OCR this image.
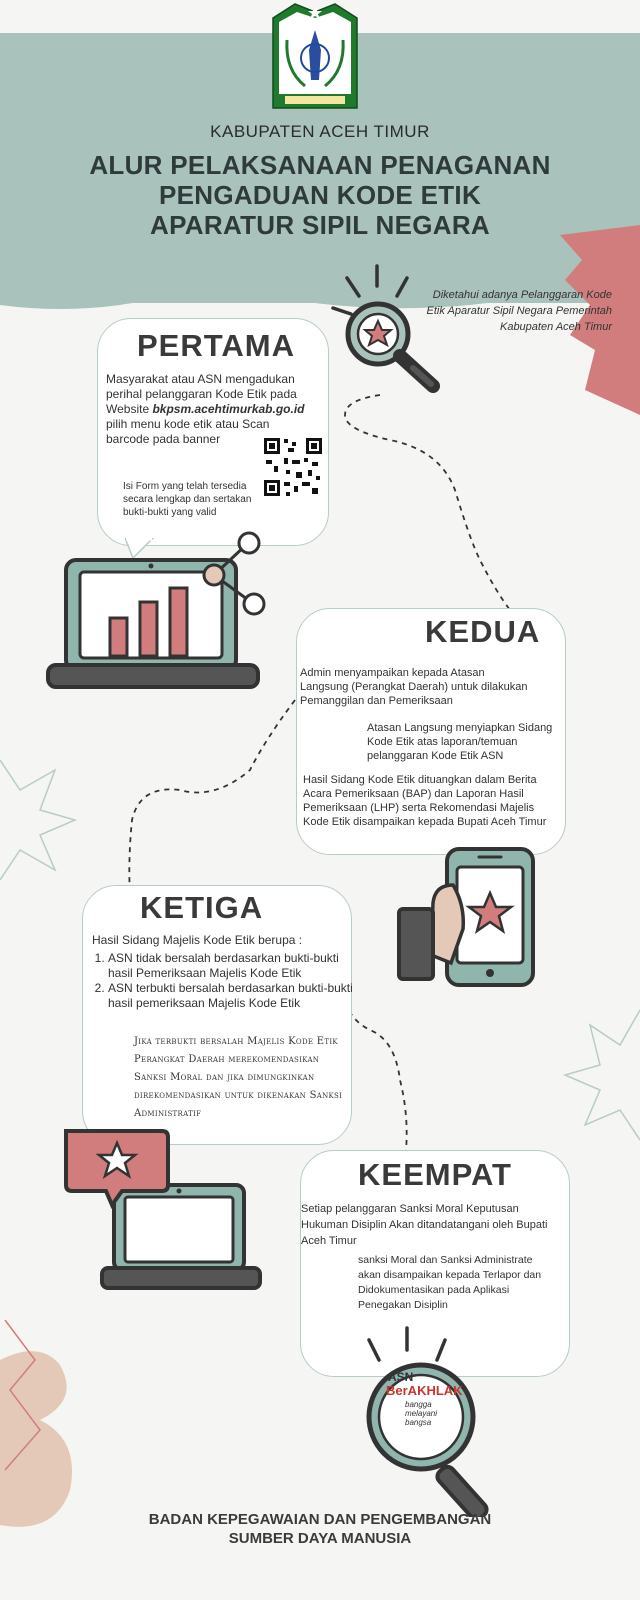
KABUPATEN ACEH TIMUR
ALUR PELAKSANAAN PENAGANAN
PENGADUAN KODE ETIK
APARATUR SIPIL NEGARA
Diketahui adanya Pelanggaran Kode Etik Aparatur Sipil Negara Pemerintah Kabupaten Aceh Timur
PERTAMA
Masyarakat atau ASN mengadukan perihal pelanggaran Kode Etik pada Website bkpsm.acehtimurkab.go.id pilih menu kode etik atau Scan barcode pada banner
Isi Form yang telah tersedia secara lengkap dan sertakan bukti-bukti yang valid
KEDUA
Admin menyampaikan kepada Atasan Langsung (Perangkat Daerah) untuk dilakukan Pemanggilan dan Pemeriksaan
Atasan Langsung menyiapkan Sidang Kode Etik atas laporan/temuan pelanggaran Kode Etik ASN
Hasil Sidang Kode Etik dituangkan dalam Berita Acara Pemeriksaan (BAP) dan Laporan Hasil Pemeriksaan (LHP) serta Rekomendasi Majelis Kode Etik disampaikan kepada Bupati Aceh Timur
KETIGA
Hasil Sidang Majelis Kode Etik berupa :
1. ASN tidak bersalah berdasarkan bukti-bukti hasil Pemeriksaan Majelis Kode Etik
2. ASN terbukti bersalah berdasarkan bukti-bukti hasil pemeriksaan Majelis Kode Etik
Jika terbukti bersalah Majelis Kode Etik Perangkat Daerah merekomendasikan Sanksi Moral dan jika dimungkinkan direkomendasikan untuk dikenakan Sanksi Administratif
KEEMPAT
Setiap pelanggaran Sanksi Moral Keputusan Hukuman Disiplin Akan ditandatangani oleh Bupati Aceh Timur
sanksi Moral dan Sanksi Administrate akan disampaikan kepada Terlapor dan Didokumentasikan pada Aplikasi Penegakan Disiplin
ASN
BerAKHLAK
bangga melayani bangsa
BADAN KEPEGAWAIAN DAN PENGEMBANGAN
SUMBER DAYA MANUSIA
